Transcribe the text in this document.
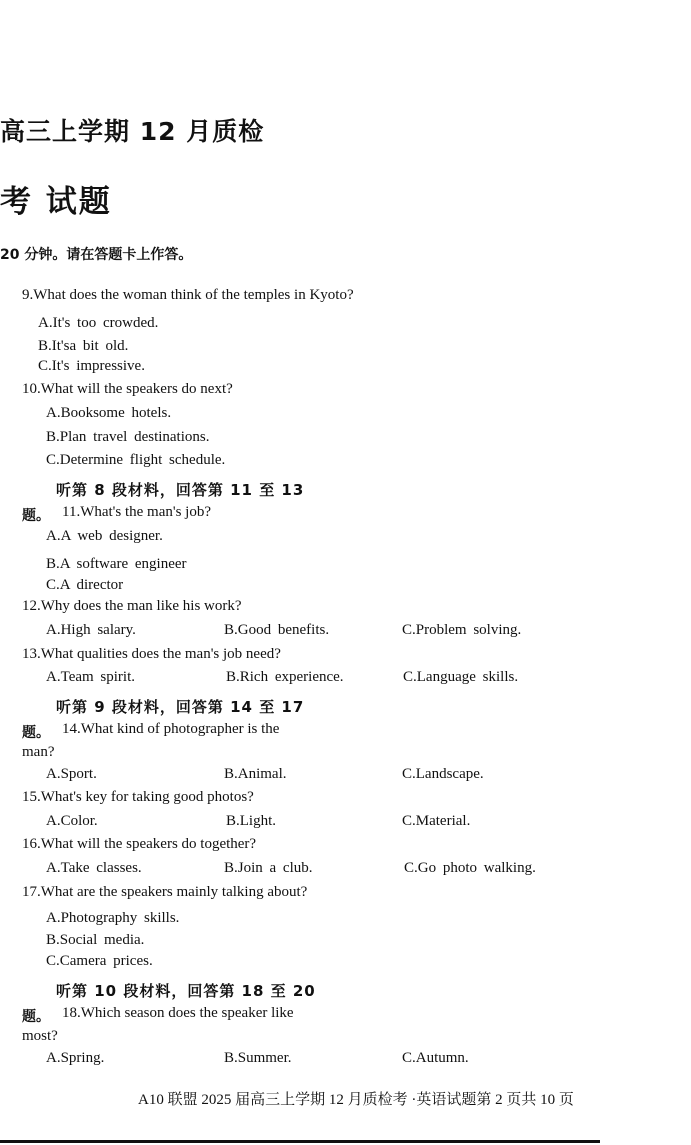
高三上学期 12 月质检
考 试题
20 分钟。请在答题卡上作答。
9.What does the woman think of the temples in Kyoto?
A.It's too crowded.
B.It'sa bit old.
C.It's impressive.
10.What will the speakers do next?
A.Booksome hotels.
B.Plan travel destinations.
C.Determine flight schedule.
听第 8 段材料，回答第 11 至 13
题。 11.What's the man's job?
A.A web designer.
B.A software engineer
C.A director
12.Why does the man like his work?
A.High salary.	B.Good benefits.	C.Problem solving.
13.What qualities does the man's job need?
A.Team spirit.	B.Rich experience.	C.Language skills.
听第 9 段材料，回答第 14 至 17
题。 14.What kind of photographer is the
man?
A.Sport.	B.Animal.	C.Landscape.
15.What's key for taking good photos?
A.Color.	B.Light.	C.Material.
16.What will the speakers do together?
A.Take classes.	B.Join a club.	C.Go photo walking.
17.What are the speakers mainly talking about?
A.Photography skills.
B.Social media.
C.Camera prices.
听第 10 段材料，回答第 18 至 20
题。 18.Which season does the speaker like
most?
A.Spring.	B.Summer.	C.Autumn.
A10 联盟 2025 届高三上学期 12 月质检考 ·英语试题第 2 页共 10 页
